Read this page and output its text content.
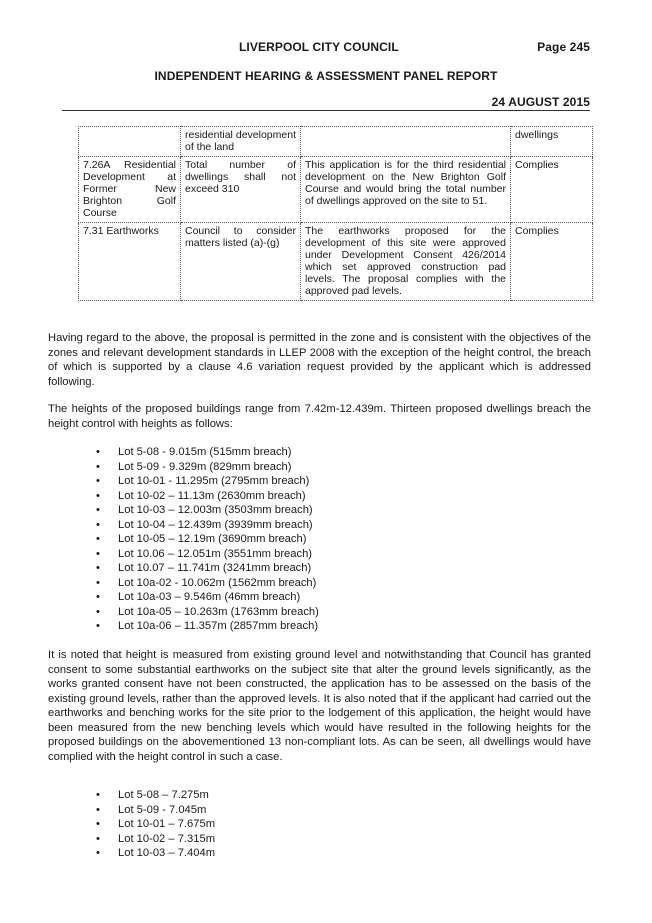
LIVERPOOL CITY COUNCIL	Page 245
INDEPENDENT HEARING & ASSESSMENT PANEL REPORT
24 AUGUST 2015
	residential development of the land		dwellings
7.26A Residential Development at Former New Brighton Golf Course	Total number of dwellings shall not exceed 310	This application is for the third residential development on the New Brighton Golf Course and would bring the total number of dwellings approved on the site to 51.	Complies
7.31 Earthworks	Council to consider matters listed (a)-(g)	The earthworks proposed for the development of this site were approved under Development Consent 426/2014 which set approved construction pad levels. The proposal complies with the approved pad levels.	Complies

Having regard to the above, the proposal is permitted in the zone and is consistent with the objectives of the zones and relevant development standards in LLEP 2008 with the exception of the height control, the breach of which is supported by a clause 4.6 variation request provided by the applicant which is addressed following.

The heights of the proposed buildings range from 7.42m-12.439m. Thirteen proposed dwellings breach the height control with heights as follows:

• Lot 5-08 - 9.015m (515mm breach)
• Lot 5-09 - 9.329m (829mm breach)
• Lot 10-01 - 11.295m (2795mm breach)
• Lot 10-02 – 11.13m (2630mm breach)
• Lot 10-03 – 12.003m (3503mm breach)
• Lot 10-04 – 12.439m (3939mm breach)
• Lot 10-05 – 12.19m (3690mm breach)
• Lot 10.06 – 12.051m (3551mm breach)
• Lot 10.07 – 11.741m (3241mm breach)
• Lot 10a-02 - 10.062m (1562mm breach)
• Lot 10a-03 – 9.546m (46mm breach)
• Lot 10a-05 – 10.263m (1763mm breach)
• Lot 10a-06 – 11.357m (2857mm breach)

It is noted that height is measured from existing ground level and notwithstanding that Council has granted consent to some substantial earthworks on the subject site that alter the ground levels significantly, as the works granted consent have not been constructed, the application has to be assessed on the basis of the existing ground levels, rather than the approved levels. It is also noted that if the applicant had carried out the earthworks and benching works for the site prior to the lodgement of this application, the height would have been measured from the new benching levels which would have resulted in the following heights for the proposed buildings on the abovementioned 13 non-compliant lots. As can be seen, all dwellings would have complied with the height control in such a case.

• Lot 5-08 – 7.275m
• Lot 5-09 - 7.045m
• Lot 10-01 – 7.675m
• Lot 10-02 – 7.315m
• Lot 10-03 – 7.404m
